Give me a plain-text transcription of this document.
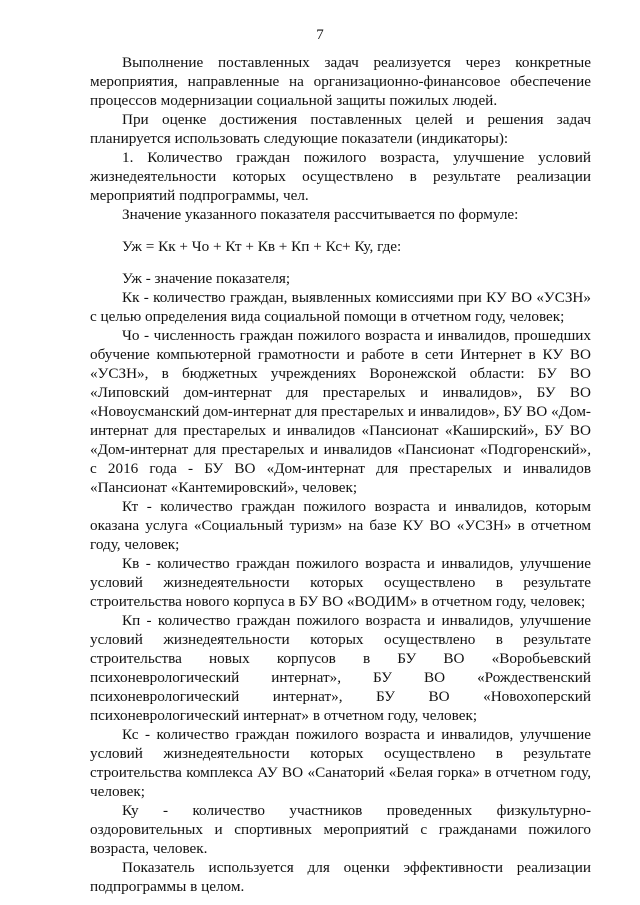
7

Выполнение поставленных задач реализуется через конкретные мероприятия, направленные на организационно-финансовое обеспечение процессов модернизации социальной защиты пожилых людей.

При оценке достижения поставленных целей и решения задач планируется использовать следующие показатели (индикаторы):

1. Количество граждан пожилого возраста, улучшение условий жизнедеятельности которых осуществлено в результате реализации мероприятий подпрограммы, чел.

Значение указанного показателя рассчитывается по формуле:

Уж = Кк + Чо + Кт + Кв + Кп + Кс+ Ку, где:

Уж - значение показателя;

Кк - количество граждан, выявленных комиссиями при КУ ВО «УСЗН» с целью определения вида социальной помощи в отчетном году, человек;

Чо - численность граждан пожилого возраста и инвалидов, прошедших обучение компьютерной грамотности и работе в сети Интернет в КУ ВО «УСЗН», в бюджетных учреждениях Воронежской области: БУ ВО «Липовский дом-интернат для престарелых и инвалидов», БУ ВО «Новоусманский дом-интернат для престарелых и инвалидов», БУ ВО «Дом-интернат для престарелых и инвалидов «Пансионат «Каширский», БУ ВО «Дом-интернат для престарелых и инвалидов «Пансионат «Подгоренский», с 2016 года - БУ ВО «Дом-интернат для престарелых и инвалидов «Пансионат «Кантемировский», человек;

Кт - количество граждан пожилого возраста и инвалидов, которым оказана услуга «Социальный туризм» на базе КУ ВО «УСЗН» в отчетном году, человек;

Кв - количество граждан пожилого возраста и инвалидов, улучшение условий жизнедеятельности которых осуществлено в результате строительства нового корпуса в БУ ВО «ВОДИМ» в отчетном году, человек;

Кп - количество граждан пожилого возраста и инвалидов, улучшение условий жизнедеятельности которых осуществлено в результате строительства новых корпусов в БУ ВО «Воробьевский психоневрологический интернат», БУ ВО «Рождественский психоневрологический интернат», БУ ВО «Новохоперский психоневрологический интернат» в отчетном году, человек;

Кс - количество граждан пожилого возраста и инвалидов, улучшение условий жизнедеятельности которых осуществлено в результате строительства комплекса АУ ВО «Санаторий «Белая горка» в отчетном году, человек;

Ку - количество участников проведенных физкультурно-оздоровительных и спортивных мероприятий с гражданами пожилого возраста, человек.

Показатель используется для оценки эффективности реализации подпрограммы в целом.
